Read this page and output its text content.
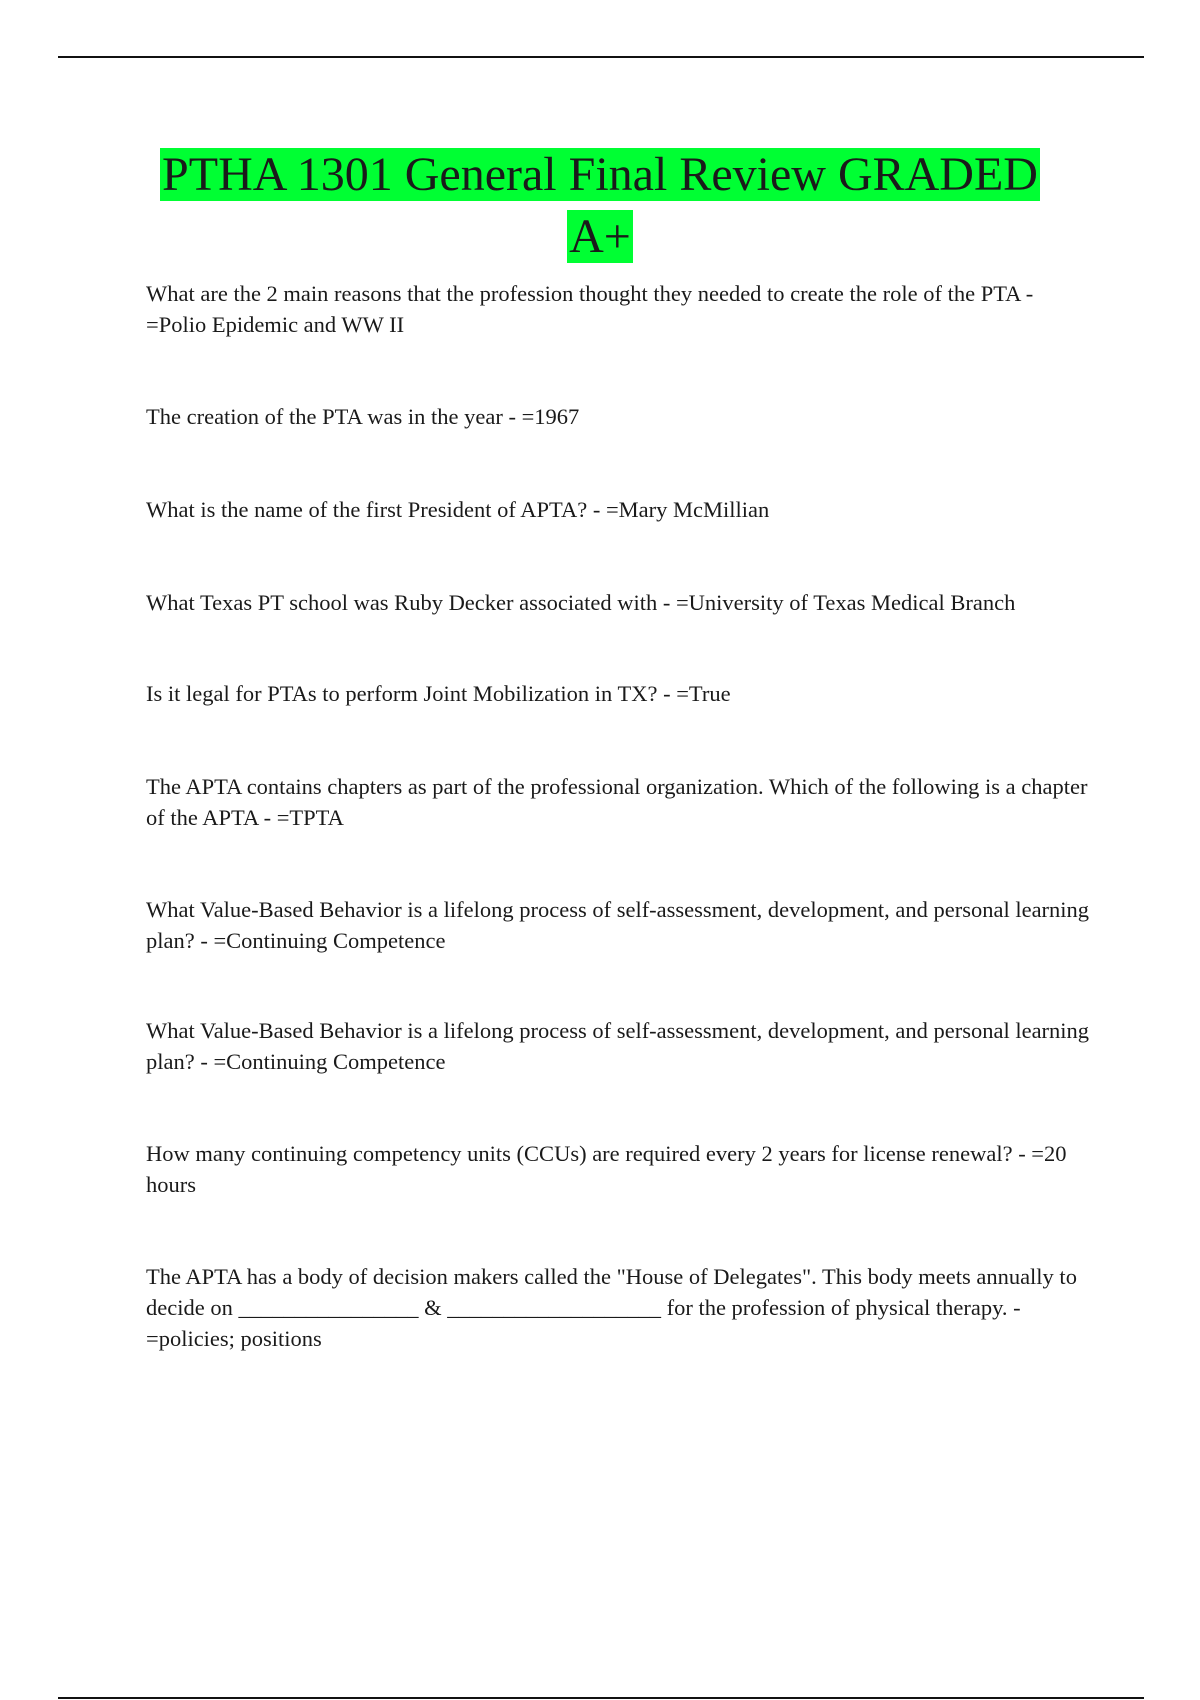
PTHA 1301 General Final Review GRADED
A+

What are the 2 main reasons that the profession thought they needed to create the role of the PTA - =Polio Epidemic and WW II

The creation of the PTA was in the year - =1967

What is the name of the first President of APTA? - =Mary McMillian

What Texas PT school was Ruby Decker associated with - =University of Texas Medical Branch

Is it legal for PTAs to perform Joint Mobilization in TX? - =True

The APTA contains chapters as part of the professional organization. Which of the following is a chapter of the APTA - =TPTA

What Value-Based Behavior is a lifelong process of self-assessment, development, and personal learning plan? - =Continuing Competence

What Value-Based Behavior is a lifelong process of self-assessment, development, and personal learning plan? - =Continuing Competence

How many continuing competency units (CCUs) are required every 2 years for license renewal? - =20 hours

The APTA has a body of decision makers called the "House of Delegates". This body meets annually to decide on ________________ & ___________________ for the profession of physical therapy. - =policies; positions
